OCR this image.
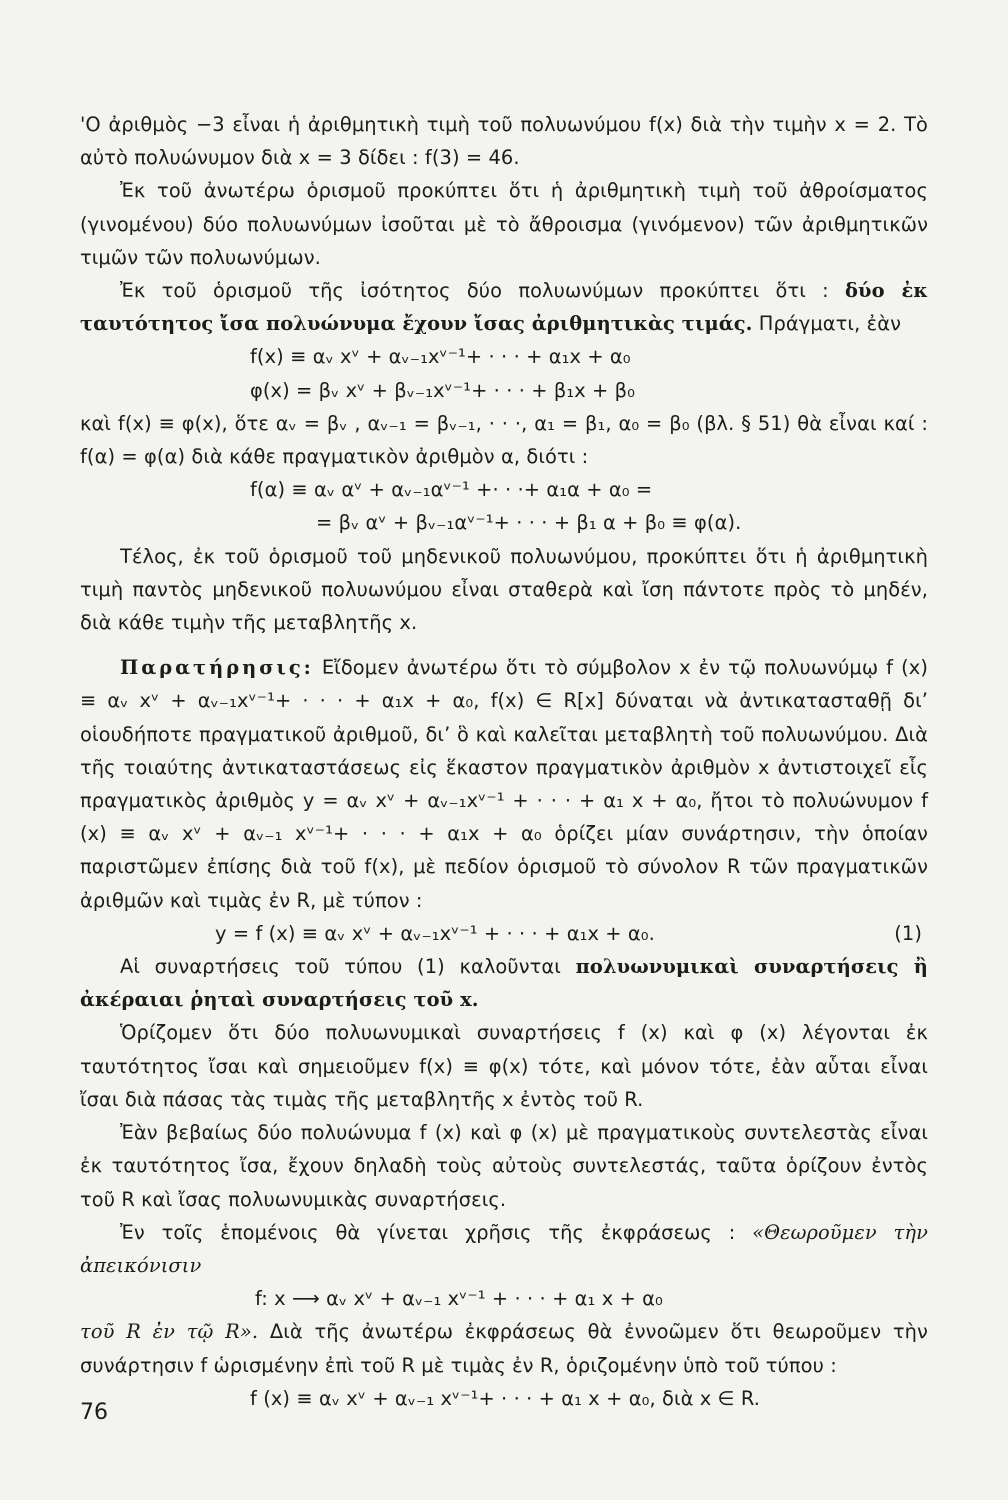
'Ο ἀριθμὸς −3 εἶναι ἡ ἀριθμητικὴ τιμὴ τοῦ πολυωνύμου f(x) διὰ τὴν τιμὴν x = 2. Τὸ αὐτὸ πολυώνυμον διὰ x = 3 δίδει : f(3) = 46.

Ἐκ τοῦ ἀνωτέρω ὁρισμοῦ προκύπτει ὅτι ἡ ἀριθμητικὴ τιμὴ τοῦ ἀθροίσματος (γινομένου) δύο πολυωνύμων ἰσοῦται μὲ τὸ ἄθροισμα (γινόμενον) τῶν ἀριθμητικῶν τιμῶν τῶν πολυωνύμων.

Ἐκ τοῦ ὁρισμοῦ τῆς ἰσότητος δύο πολυωνύμων προκύπτει ὅτι : δύο ἐκ ταυτότητος ἴσα πολυώνυμα ἔχουν ἴσας ἀριθμητικὰς τιμάς. Πράγματι, ἐὰν

f(x) ≡ αᵥ xᵛ + αᵥ₋₁xᵛ⁻¹+ · · · + α₁x + α₀

φ(x) = βᵥ xᵛ + βᵥ₋₁xᵛ⁻¹+ · · · + β₁x + β₀

καὶ f(x) ≡ φ(x), ὅτε αᵥ = βᵥ , αᵥ₋₁ = βᵥ₋₁, · · ·, α₁ = β₁, α₀ = β₀ (βλ. § 51) θὰ εἶναι καί : f(α) = φ(α) διὰ κάθε πραγματικὸν ἀριθμὸν α, διότι :

f(α) ≡ αᵥ αᵛ + αᵥ₋₁αᵛ⁻¹ +· · ·+ α₁α + α₀ =

= βᵥ αᵛ + βᵥ₋₁αᵛ⁻¹+ · · · + β₁ α + β₀ ≡ φ(α).

Τέλος, ἐκ τοῦ ὁρισμοῦ τοῦ μηδενικοῦ πολυωνύμου, προκύπτει ὅτι ἡ ἀριθμητικὴ τιμὴ παντὸς μηδενικοῦ πολυωνύμου εἶναι σταθερὰ καὶ ἴση πάντοτε πρὸς τὸ μηδέν, διὰ κάθε τιμὴν τῆς μεταβλητῆς x.

Παρατήρησις: Εἴδομεν ἀνωτέρω ὅτι τὸ σύμβολον x ἐν τῷ πολυωνύμῳ f (x) ≡ αᵥ xᵛ + αᵥ₋₁xᵛ⁻¹+ · · · + α₁x + α₀, f(x) ∈ R[x] δύναται νὰ ἀντικατασταθῇ δι’ οἱουδήποτε πραγματικοῦ ἀριθμοῦ, δι’ ὃ καὶ καλεῖται μεταβλητὴ τοῦ πολυωνύμου. Διὰ τῆς τοιαύτης ἀντικαταστάσεως εἰς ἕκαστον πραγματικὸν ἀριθμὸν x ἀντιστοιχεῖ εἷς πραγματικὸς ἀριθμὸς y = αᵥ xᵛ + αᵥ₋₁xᵛ⁻¹ + · · · + α₁ x + α₀, ἤτοι τὸ πολυώνυμον f (x) ≡ αᵥ xᵛ + αᵥ₋₁ xᵛ⁻¹+ · · · + α₁x + α₀ ὁρίζει μίαν συνάρτησιν, τὴν ὁποίαν παριστῶμεν ἐπίσης διὰ τοῦ f(x), μὲ πεδίον ὁρισμοῦ τὸ σύνολον R τῶν πραγματικῶν ἀριθμῶν καὶ τιμὰς ἐν R, μὲ τύπον :

y = f (x) ≡ αᵥ xᵛ + αᵥ₋₁xᵛ⁻¹ + · · · + α₁x + α₀.	(1)

Αἱ συναρτήσεις τοῦ τύπου (1) καλοῦνται πολυωνυμικαὶ συναρτήσεις ἢ ἀκέραιαι ῥηταὶ συναρτήσεις τοῦ x.

Ὁρίζομεν ὅτι δύο πολυωνυμικαὶ συναρτήσεις f (x) καὶ φ (x) λέγονται ἐκ ταυτότητος ἴσαι καὶ σημειοῦμεν f(x) ≡ φ(x) τότε, καὶ μόνον τότε, ἐὰν αὗται εἶναι ἴσαι διὰ πάσας τὰς τιμὰς τῆς μεταβλητῆς x ἐντὸς τοῦ R.

Ἐὰν βεβαίως δύο πολυώνυμα f (x) καὶ φ (x) μὲ πραγματικοὺς συντελεστὰς εἶναι ἐκ ταυτότητος ἴσα, ἔχουν δηλαδὴ τοὺς αὐτοὺς συντελεστάς, ταῦτα ὁρίζουν ἐντὸς τοῦ R καὶ ἴσας πολυωνυμικὰς συναρτήσεις.

Ἐν τοῖς ἑπομένοις θὰ γίνεται χρῆσις τῆς ἐκφράσεως : «Θεωροῦμεν τὴν ἀπεικόνισιν

f: x ⟶ αᵥ xᵛ + αᵥ₋₁ xᵛ⁻¹ + · · · + α₁ x + α₀

τοῦ R ἐν τῷ R». Διὰ τῆς ἀνωτέρω ἐκφράσεως θὰ ἐννοῶμεν ὅτι θεωροῦμεν τὴν συνάρτησιν f ὡρισμένην ἐπὶ τοῦ R μὲ τιμὰς ἐν R, ὁριζομένην ὑπὸ τοῦ τύπου :

f (x) ≡ αᵥ xᵛ + αᵥ₋₁ xᵛ⁻¹+ · · · + α₁ x + α₀, διὰ x ∈ R.

76
